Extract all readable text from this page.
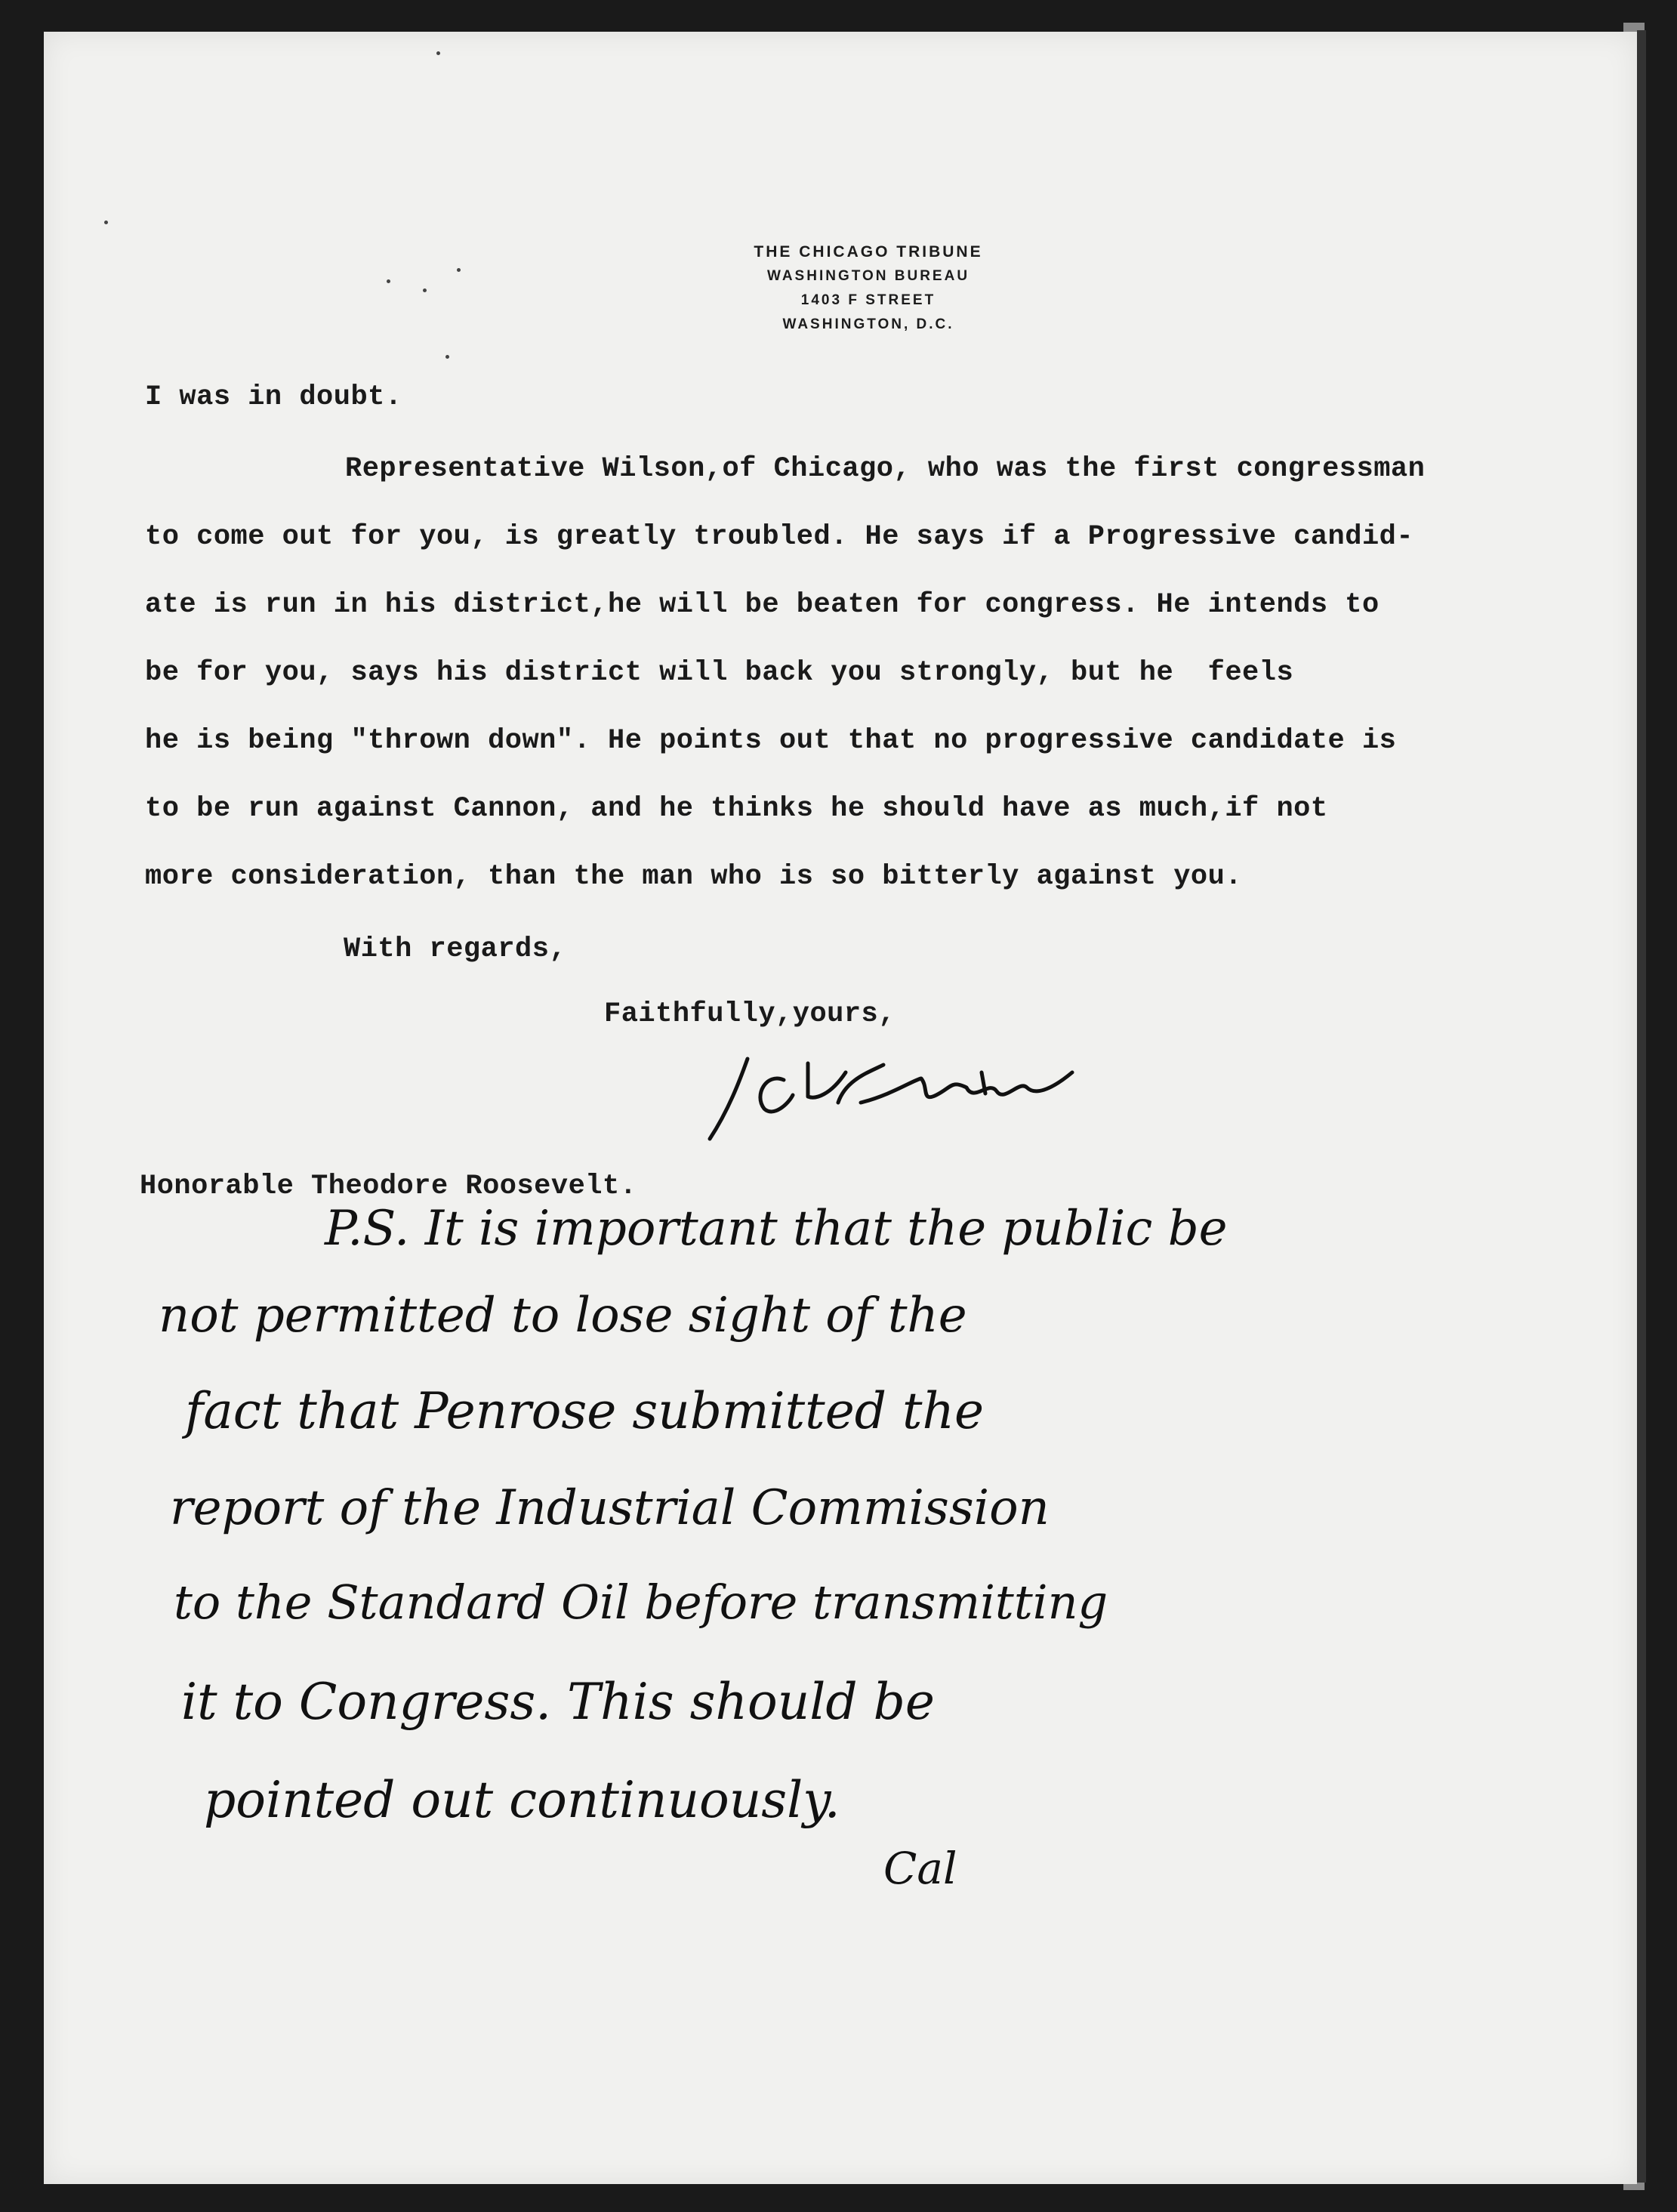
THE CHICAGO TRIBUNE
WASHINGTON BUREAU
1403 F STREET
WASHINGTON, D.C.
I was in doubt.
Representative Wilson,of Chicago, who was the first congressman
to come out for you, is greatly troubled. He says if a Progressive candid-
ate is run in his district,he will be beaten for congress. He intends to
be for you, says his district will back you strongly, but he  feels
he is being "thrown down". He points out that no progressive candidate is
to be run against Cannon, and he thinks he should have as much,if not
more consideration, than the man who is so bitterly against you.
With regards,
Faithfully,yours,
Honorable Theodore Roosevelt.
P.S. It is important that the public be
not permitted to lose sight of the
fact that Penrose submitted the
report of the Industrial Commission
to the Standard Oil before transmitting
it to Congress. This should be
pointed out continuously.
Cal
